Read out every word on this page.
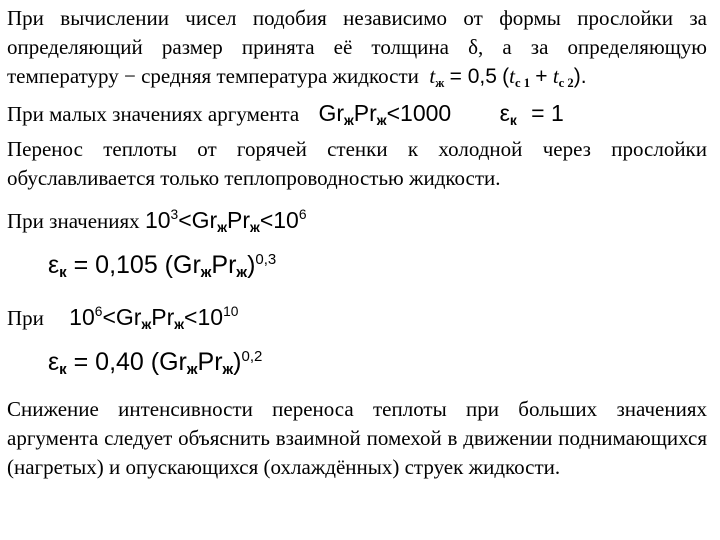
При вычислении чисел подобия независимо от формы прослойки за определяющий размер принята её толщина δ, а за определяющую температуру − средняя температура жидкости $t_ж = 0,5$ $(t_{с 1} + t_{с 2})$.

При малых значениях аргумента $Gr_жPr_ж<1000$ $\varepsilon_к = 1$

Перенос теплоты от горячей стенки к холодной через прослойки обуславливается только теплопроводностью жидкости.

При значениях $10^3<Gr_жPr_ж<10^6$

$\varepsilon_к = 0,105$ $(Gr_жPr_ж)^{0,3}$

При $10^6<Gr_жPr_ж<10^{10}$

$\varepsilon_к = 0,40$ $(Gr_жPr_ж)^{0,2}$

Снижение интенсивности переноса теплоты при больших значениях аргумента следует объяснить взаимной помехой в движении поднимающихся (нагретых) и опускающихся (охлаждённых) струек жидкости.
